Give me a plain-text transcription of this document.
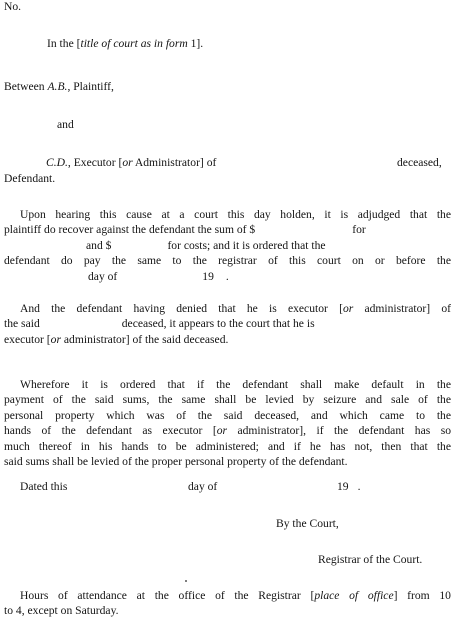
No.
In the [title of court as in form 1].
Between A.B., Plaintiff,
and
C.D., Executor [or Administrator] of	deceased,
Defendant.
Upon hearing this cause at a court this day holden, it is adjudged that the
plaintiff do recover against the defendant the sum of $	for
and $	for costs; and it is ordered that the
defendant do pay the same to the registrar of this court on or before the
day of	19 .
And the defendant having denied that he is executor [or administrator] of
the said	deceased, it appears to the court that he is
executor [or administrator] of the said deceased.
Wherefore it is ordered that if the defendant shall make default in the
payment of the said sums, the same shall be levied by seizure and sale of the
personal property which was of the said deceased, and which came to the
hands of the defendant as executor [or administrator], if the defendant has so
much thereof in his hands to be administered; and if he has not, then that the
said sums shall be levied of the proper personal property of the defendant.
Dated this	day of	19 .
By the Court,
Registrar of the Court.
Hours of attendance at the office of the Registrar [place of office] from 10
to 4, except on Saturday.
